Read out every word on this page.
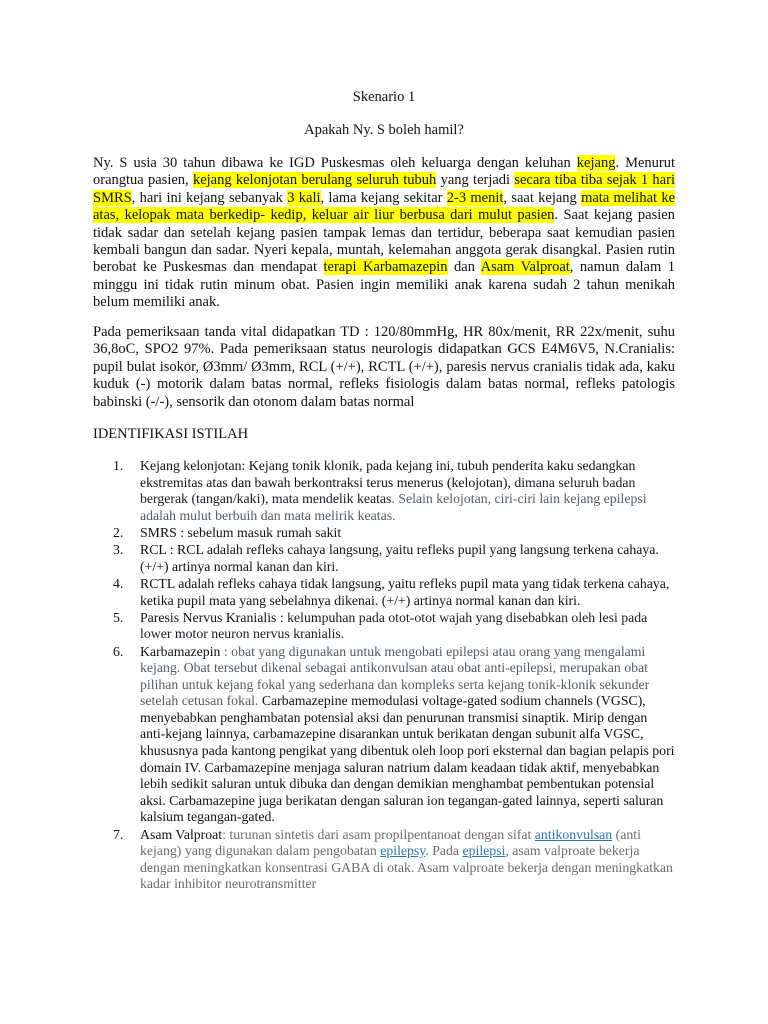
Skenario 1
Apakah Ny. S boleh hamil?
Ny. S usia 30 tahun dibawa ke IGD Puskesmas oleh keluarga dengan keluhan kejang. Menurut orangtua pasien, kejang kelonjotan berulang seluruh tubuh yang terjadi secara tiba tiba sejak 1 hari SMRS, hari ini kejang sebanyak 3 kali, lama kejang sekitar 2-3 menit, saat kejang mata melihat ke atas, kelopak mata berkedip- kedip, keluar air liur berbusa dari mulut pasien. Saat kejang pasien tidak sadar dan setelah kejang pasien tampak lemas dan tertidur, beberapa saat kemudian pasien kembali bangun dan sadar. Nyeri kepala, muntah, kelemahan anggota gerak disangkal. Pasien rutin berobat ke Puskesmas dan mendapat terapi Karbamazepin dan Asam Valproat, namun dalam 1 minggu ini tidak rutin minum obat. Pasien ingin memiliki anak karena sudah 2 tahun menikah belum memiliki anak.
Pada pemeriksaan tanda vital didapatkan TD : 120/80mmHg, HR 80x/menit, RR 22x/menit, suhu 36,8oC, SPO2 97%. Pada pemeriksaan status neurologis didapatkan GCS E4M6V5, N.Cranialis: pupil bulat isokor, Ø3mm/ Ø3mm, RCL (+/+), RCTL (+/+), paresis nervus cranialis tidak ada, kaku kuduk (-) motorik dalam batas normal, refleks fisiologis dalam batas normal, refleks patologis babinski (-/-), sensorik dan otonom dalam batas normal
IDENTIFIKASI ISTILAH
1. Kejang kelonjotan: Kejang tonik klonik, pada kejang ini, tubuh penderita kaku sedangkan ekstremitas atas dan bawah berkontraksi terus menerus (kelojotan), dimana seluruh badan bergerak (tangan/kaki), mata mendelik keatas. Selain kelojotan, ciri-ciri lain kejang epilepsi adalah mulut berbuih dan mata melirik keatas.
2. SMRS : sebelum masuk rumah sakit
3. RCL : RCL adalah refleks cahaya langsung, yaitu refleks pupil yang langsung terkena cahaya. (+/+) artinya normal kanan dan kiri.
4. RCTL adalah refleks cahaya tidak langsung, yaitu refleks pupil mata yang tidak terkena cahaya, ketika pupil mata yang sebelahnya dikenai. (+/+) artinya normal kanan dan kiri.
5. Paresis Nervus Kranialis : kelumpuhan pada otot-otot wajah yang disebabkan oleh lesi pada lower motor neuron nervus kranialis.
6. Karbamazepin : obat yang digunakan untuk mengobati epilepsi atau orang yang mengalami kejang. Obat tersebut dikenal sebagai antikonvulsan atau obat anti-epilepsi, merupakan obat pilihan untuk kejang fokal yang sederhana dan kompleks serta kejang tonik-klonik sekunder setelah cetusan fokal. Carbamazepine memodulasi voltage-gated sodium channels (VGSC), menyebabkan penghambatan potensial aksi dan penurunan transmisi sinaptik. Mirip dengan anti-kejang lainnya, carbamazepine disarankan untuk berikatan dengan subunit alfa VGSC, khususnya pada kantong pengikat yang dibentuk oleh loop pori eksternal dan bagian pelapis pori domain IV. Carbamazepine menjaga saluran natrium dalam keadaan tidak aktif, menyebabkan lebih sedikit saluran untuk dibuka dan dengan demikian menghambat pembentukan potensial aksi. Carbamazepine juga berikatan dengan saluran ion tegangan-gated lainnya, seperti saluran kalsium tegangan-gated.
7. Asam Valproat: turunan sintetis dari asam propilpentanoat dengan sifat antikonvulsan (anti kejang) yang digunakan dalam pengobatan epilepsy. Pada epilepsi, asam valproate bekerja dengan meningkatkan konsentrasi GABA di otak. Asam valproate bekerja dengan meningkatkan kadar inhibitor neurotransmitter
